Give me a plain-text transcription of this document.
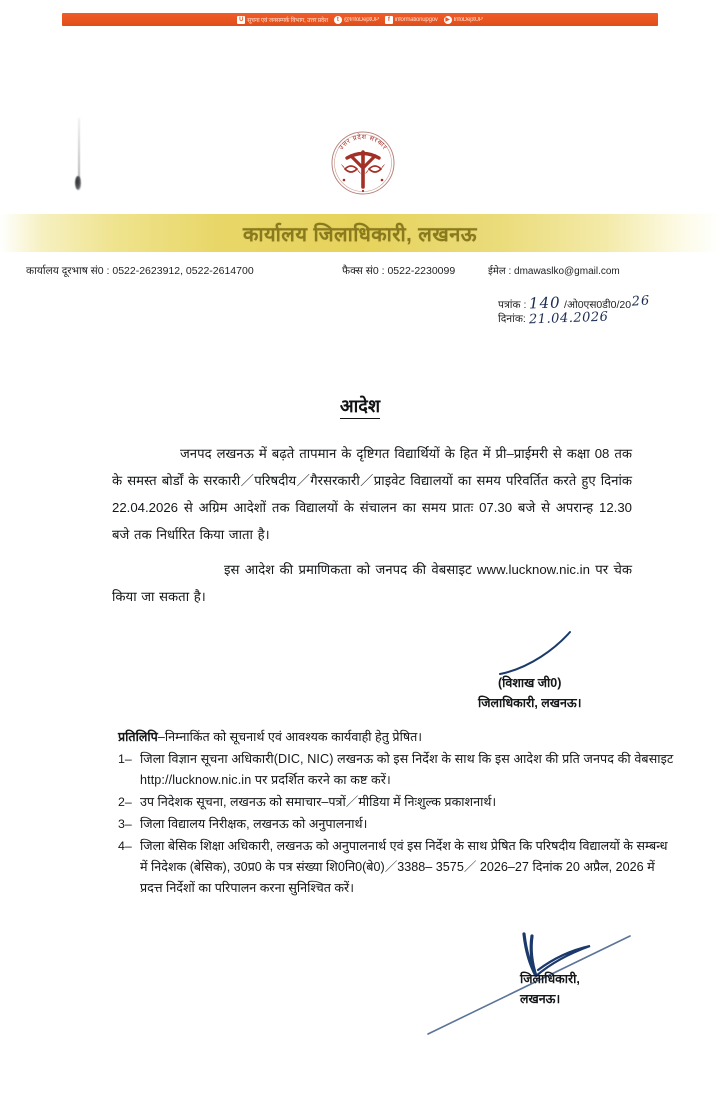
U सूचना एवं जनसम्पर्क विभाग, उत्तर प्रदेश	t @InfoDeptUP	f informationupgov ▶ InfoDeptUP
उत्तर प्रदेश सरकार
कार्यालय जिलाधिकारी, लखनऊ
कार्यालय दूरभाष सं0 : 0522-2623912, 0522-2614700	फैक्स सं0 : 0522-2230099	ईमेल : dmawaslko@gmail.com
पत्रांक : 140 /ओ0एस0डी0/20 26
दिनांक: 21.04.2026
आदेश

जनपद लखनऊ में बढ़ते तापमान के दृष्टिगत विद्यार्थियों के हित में प्री–प्राईमरी से कक्षा 08 तक के समस्त बोर्डों के सरकारी／परिषदीय／गैरसरकारी／प्राइवेट विद्यालयों का समय परिवर्तित करते हुए दिनांक 22.04.2026 से अग्रिम आदेशों तक विद्यालयों के संचालन का समय प्रातः 07.30 बजे से अपरान्ह 12.30 बजे तक निर्धारित किया जाता है।

इस आदेश की प्रमाणिकता को जनपद की वेबसाइट www.lucknow.nic.in पर चेक किया जा सकता है।

(विशाख जी0)
जिलाधिकारी, लखनऊ।

प्रतिलिपि–निम्नाकिंत को सूचनार्थ एवं आवश्यक कार्यवाही हेतु प्रेषित।

1– जिला विज्ञान सूचना अधिकारी(DIC, NIC) लखनऊ को इस निर्देश के साथ कि इस आदेश की प्रति जनपद की वेबसाइट http://lucknow.nic.in पर प्रदर्शित करने का कष्ट करें।
2– उप निदेशक सूचना, लखनऊ को समाचार–पत्रों／मीडिया में निःशुल्क प्रकाशनार्थ।
3– जिला विद्यालय निरीक्षक, लखनऊ को अनुपालनार्थ।
4– जिला बेसिक शिक्षा अधिकारी, लखनऊ को अनुपालनार्थ एवं इस निर्देश के साथ प्रेषित कि परिषदीय विद्यालयों के सम्बन्ध में निदेशक (बेसिक), उ0प्र0 के पत्र संख्या शि0नि0(बे0)／3388– 3575／ 2026–27 दिनांक 20 अप्रैल, 2026 में प्रदत्त निर्देशों का परिपालन करना सुनिश्चित करें।
जिलाधिकारी,
लखनऊ।
